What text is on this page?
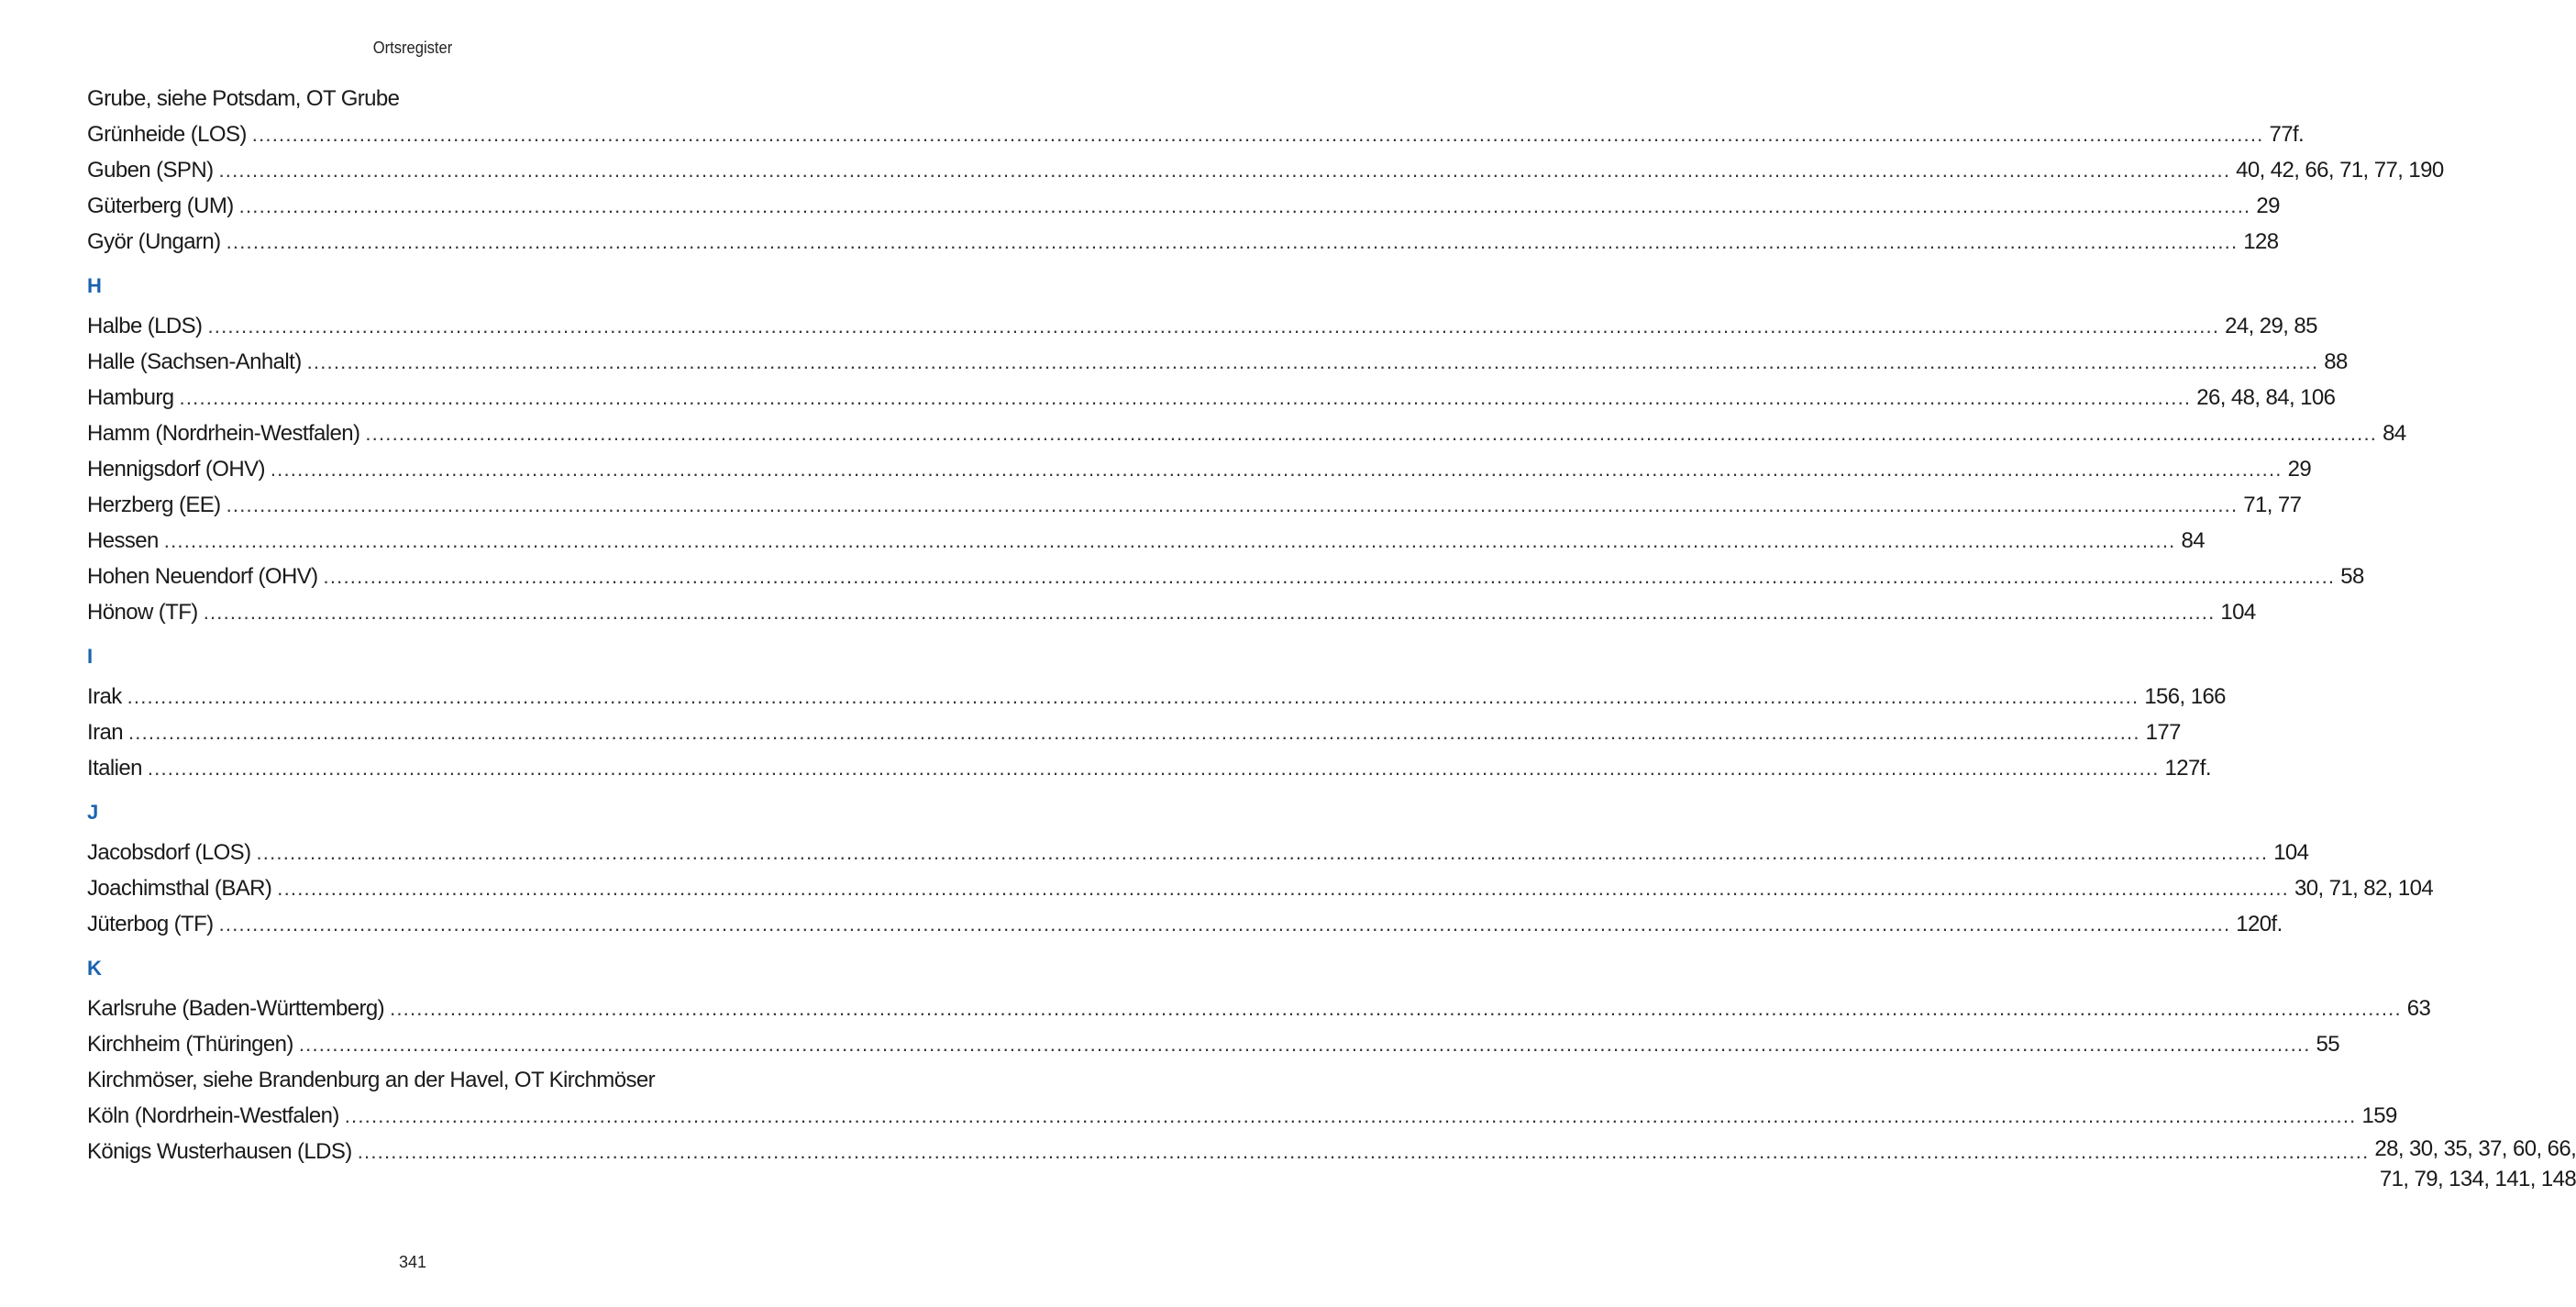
Ortsregister
Grube, siehe Potsdam, OT Grube
Grünheide (LOS) ............................................................................................................................................................................................................................................................................................................ 77f.
Guben (SPN) ............................................................................................................................................................................................................................................................................................................ 40, 42, 66, 71, 77, 190
Güterberg (UM) ............................................................................................................................................................................................................................................................................................................ 29
Györ (Ungarn) ............................................................................................................................................................................................................................................................................................................ 128
H
Halbe (LDS) ............................................................................................................................................................................................................................................................................................................ 24, 29, 85
Halle (Sachsen-Anhalt) ............................................................................................................................................................................................................................................................................................................ 88
Hamburg ............................................................................................................................................................................................................................................................................................................ 26, 48, 84, 106
Hamm (Nordrhein-Westfalen) ............................................................................................................................................................................................................................................................................................................ 84
Hennigsdorf (OHV) ............................................................................................................................................................................................................................................................................................................ 29
Herzberg (EE) ............................................................................................................................................................................................................................................................................................................ 71, 77
Hessen ............................................................................................................................................................................................................................................................................................................ 84
Hohen Neuendorf (OHV) ............................................................................................................................................................................................................................................................................................................ 58
Hönow (TF) ............................................................................................................................................................................................................................................................................................................ 104
I
Irak ............................................................................................................................................................................................................................................................................................................ 156, 166
Iran ............................................................................................................................................................................................................................................................................................................ 177
Italien ............................................................................................................................................................................................................................................................................................................ 127f.
J
Jacobsdorf (LOS) ............................................................................................................................................................................................................................................................................................................ 104
Joachimsthal (BAR) ............................................................................................................................................................................................................................................................................................................ 30, 71, 82, 104
Jüterbog (TF) ............................................................................................................................................................................................................................................................................................................ 120f.
K
Karlsruhe (Baden-Württemberg) ............................................................................................................................................................................................................................................................................................................ 63
Kirchheim (Thüringen) ............................................................................................................................................................................................................................................................................................................ 55
Kirchmöser, siehe Brandenburg an der Havel, OT Kirchmöser
Köln (Nordrhein-Westfalen) ............................................................................................................................................................................................................................................................................................................ 159
Königs Wusterhausen (LDS) ............................................................................................................................................................................................................................................................................................................ 28, 30, 35, 37, 60, 66,
71, 79, 134, 141, 148
341
